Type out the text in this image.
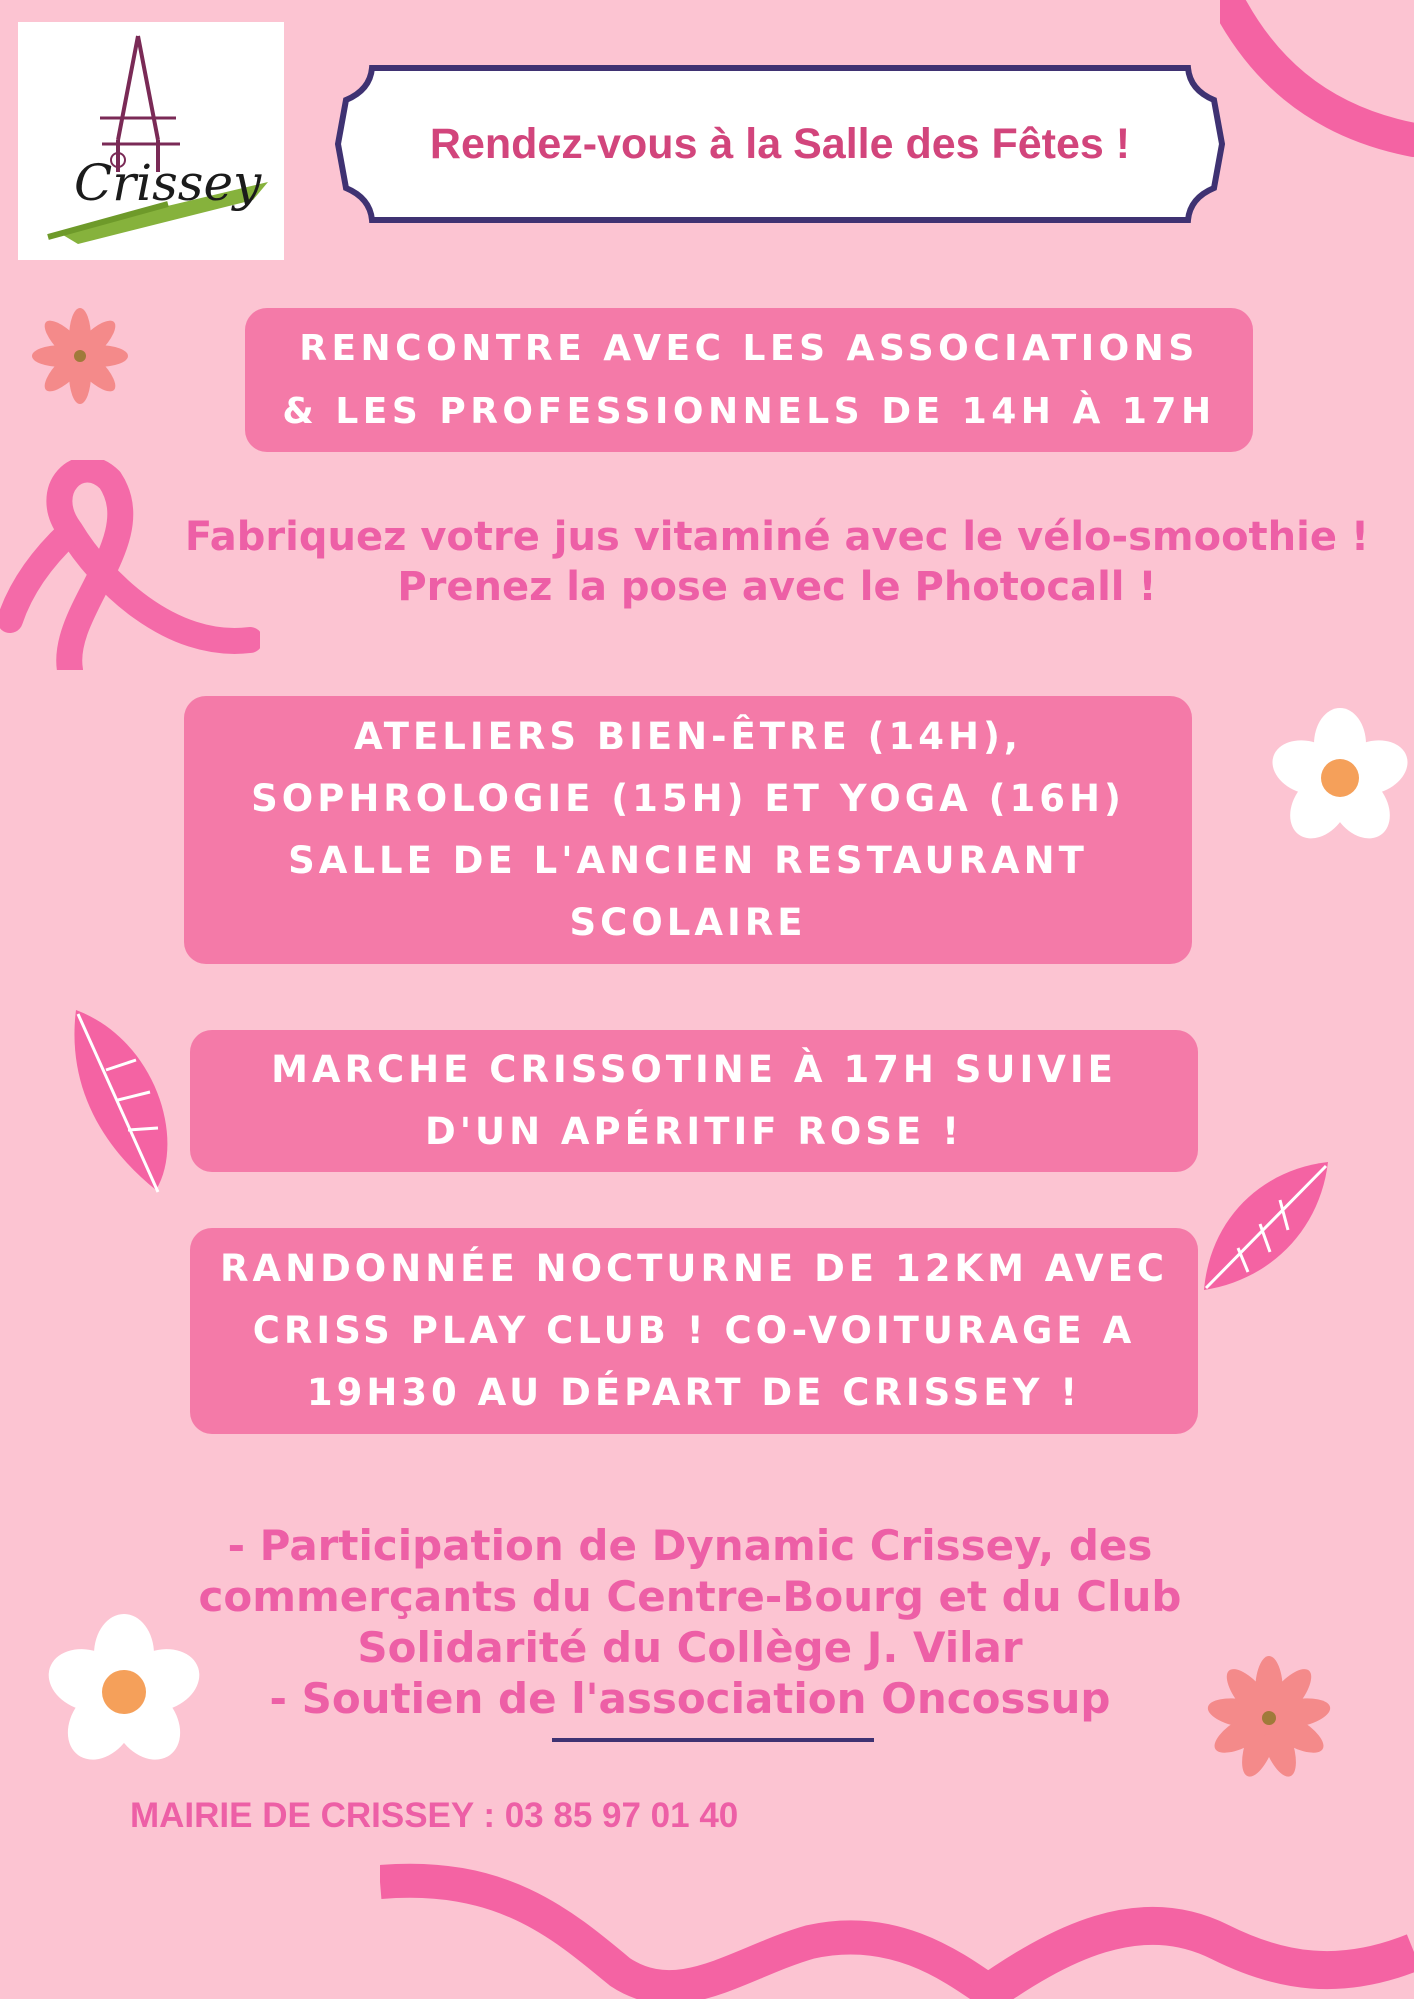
Crissey
Rendez-vous à la Salle des Fêtes !
RENCONTRE AVEC LES ASSOCIATIONS
& LES PROFESSIONNELS DE 14H À 17H
Fabriquez votre jus vitaminé avec le vélo-smoothie !
Prenez la pose avec le Photocall !
ATELIERS BIEN-ÊTRE (14H),
SOPHROLOGIE (15H) ET YOGA (16H)
SALLE DE L'ANCIEN RESTAURANT
SCOLAIRE
MARCHE CRISSOTINE À 17H SUIVIE
D'UN APÉRITIF ROSE !
RANDONNÉE NOCTURNE DE 12KM AVEC
CRISS PLAY CLUB ! CO-VOITURAGE A
19H30 AU DÉPART DE CRISSEY !
- Participation de Dynamic Crissey, des
commerçants du Centre-Bourg et du Club
Solidarité du Collège J. Vilar
- Soutien de l'association Oncossup
MAIRIE DE CRISSEY : 03 85 97 01 40
